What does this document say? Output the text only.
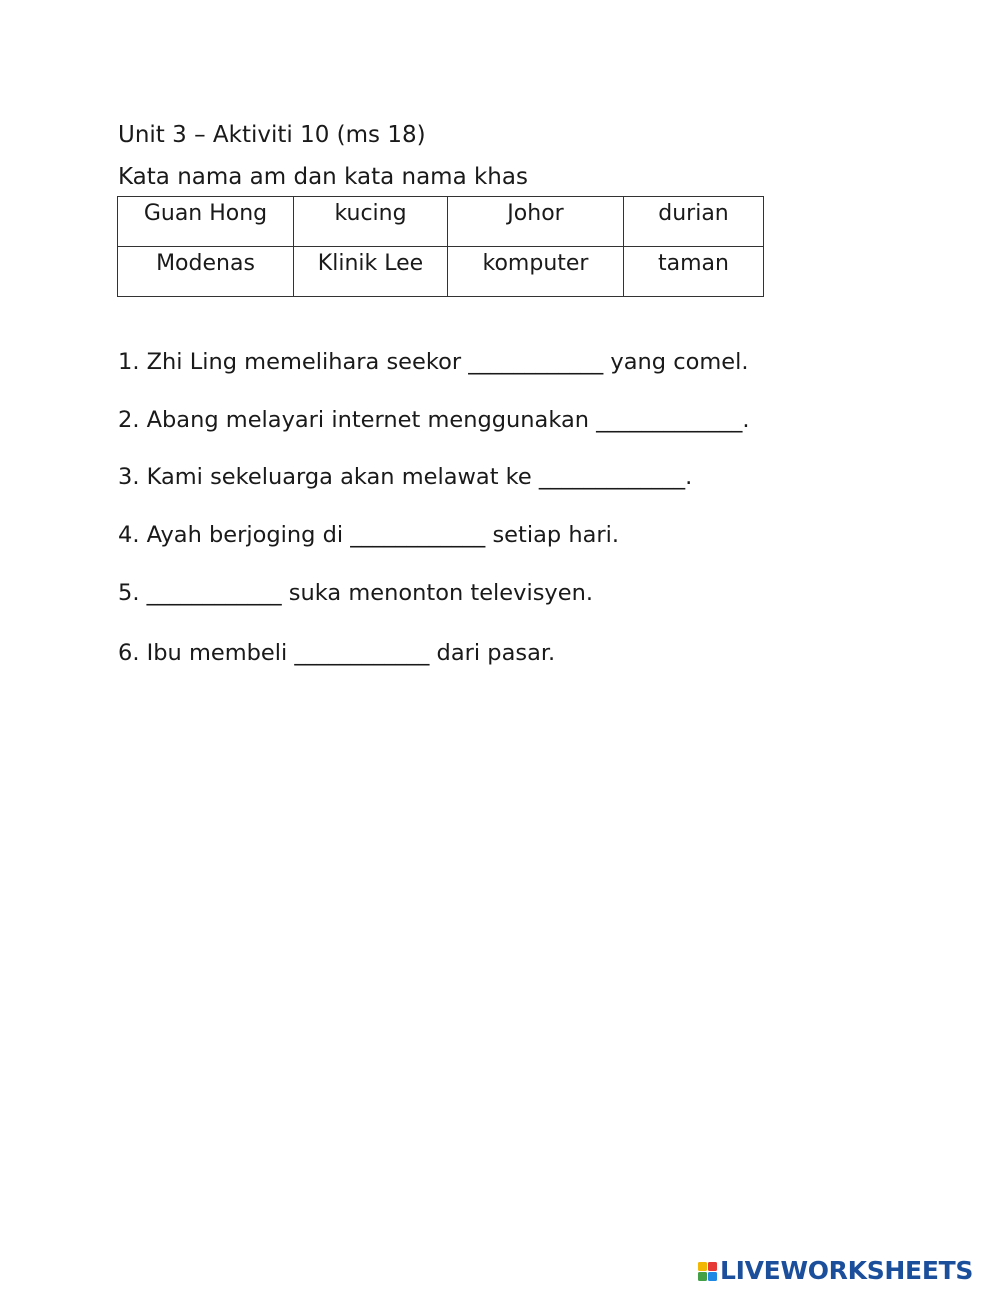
Unit 3 – Aktiviti 10 (ms 18)
Kata nama am dan kata nama khas
Guan Hong	kucing	Johor	durian
Modenas	Klinik Lee	komputer	taman
1. Zhi Ling memelihara seekor ____________ yang comel.
2. Abang melayari internet menggunakan _____________.
3. Kami sekeluarga akan melawat ke _____________.
4. Ayah berjoging di ____________ setiap hari.
5. ____________ suka menonton televisyen.
6. Ibu membeli ____________ dari pasar.
LIVEWORKSHEETS
